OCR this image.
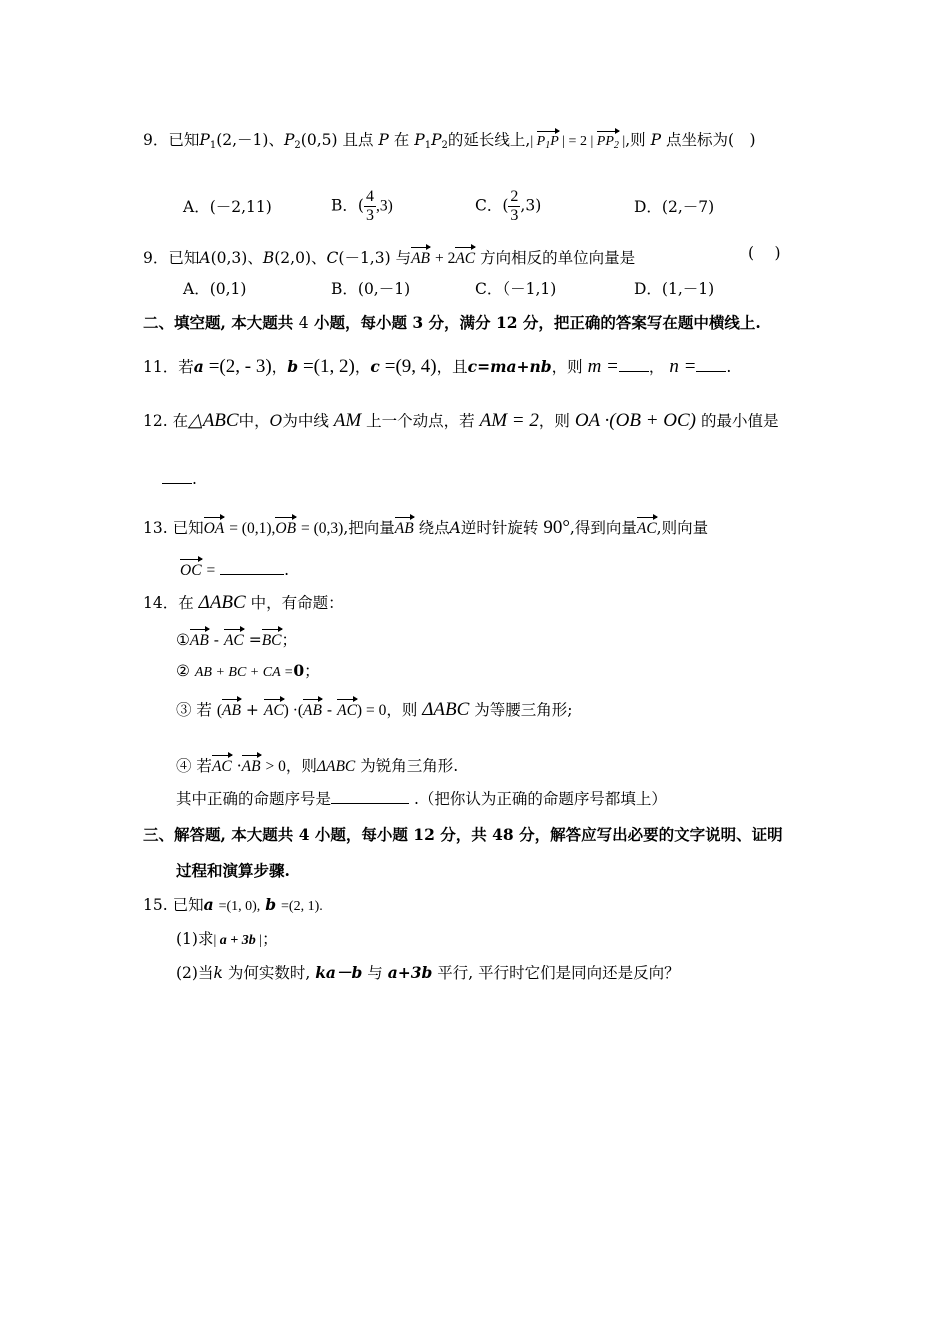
9．已知$P_1(2,-1)$、$P_2(0,5)$ 且点 P 在 $P_1P_2$的延长线上,| $P_1P$ | = 2 | $PP_2$ |,则 P 点坐标为(　)
A．(－2,11)	B．( $\frac{4}{3} ,3$)	C．( $\frac{2}{3} ,3$)	D．(2,－7)
9．已知A(0,3)、B(2,0)、C(－1,3) 与AB + 2AC 方向相反的单位向量是	(　 )
A．(0,1)	B．(0,－1)	C．（－1,1)	D．(1,－1)
二、填空题, 本大题共 4 小题，每小题 3 分，满分 12 分，把正确的答案写在题中横线上.
11．若a =(2, - 3)，b =(1, 2)，c =(9, 4)，且c=ma+nb，则 m = ， n = .
12. 在△ABC中，O为中线 AM 上一个动点，若 AM = 2，则 OA ·(OB + OC) 的最小值是
.
13. 已知OA = (0,1),OB = (0,3),把向量AB 绕点A逆时针旋转 90°,得到向量AC,则向量
OC =	.
14．在 ΔABC 中，有命题：
①AB - AC =BC；
② AB + BC + CA =0；
③ 若 (AB + AC) ·(AB - AC) = 0，则 ΔABC 为等腰三角形;
④ 若AC ·AB > 0，则ΔABC 为锐角三角形.
其中正确的命题序号是	.（把你认为正确的命题序号都填上）
三、解答题, 本大题共 4 小题，每小题 12 分，共 48 分，解答应写出必要的文字说明、证明
过程和演算步骤.
15. 已知a =(1, 0), b =(2, 1).
(1)求| a + 3b |；
(2)当k 为何实数时, ka－b 与 a+3b 平行, 平行时它们是同向还是反向？
